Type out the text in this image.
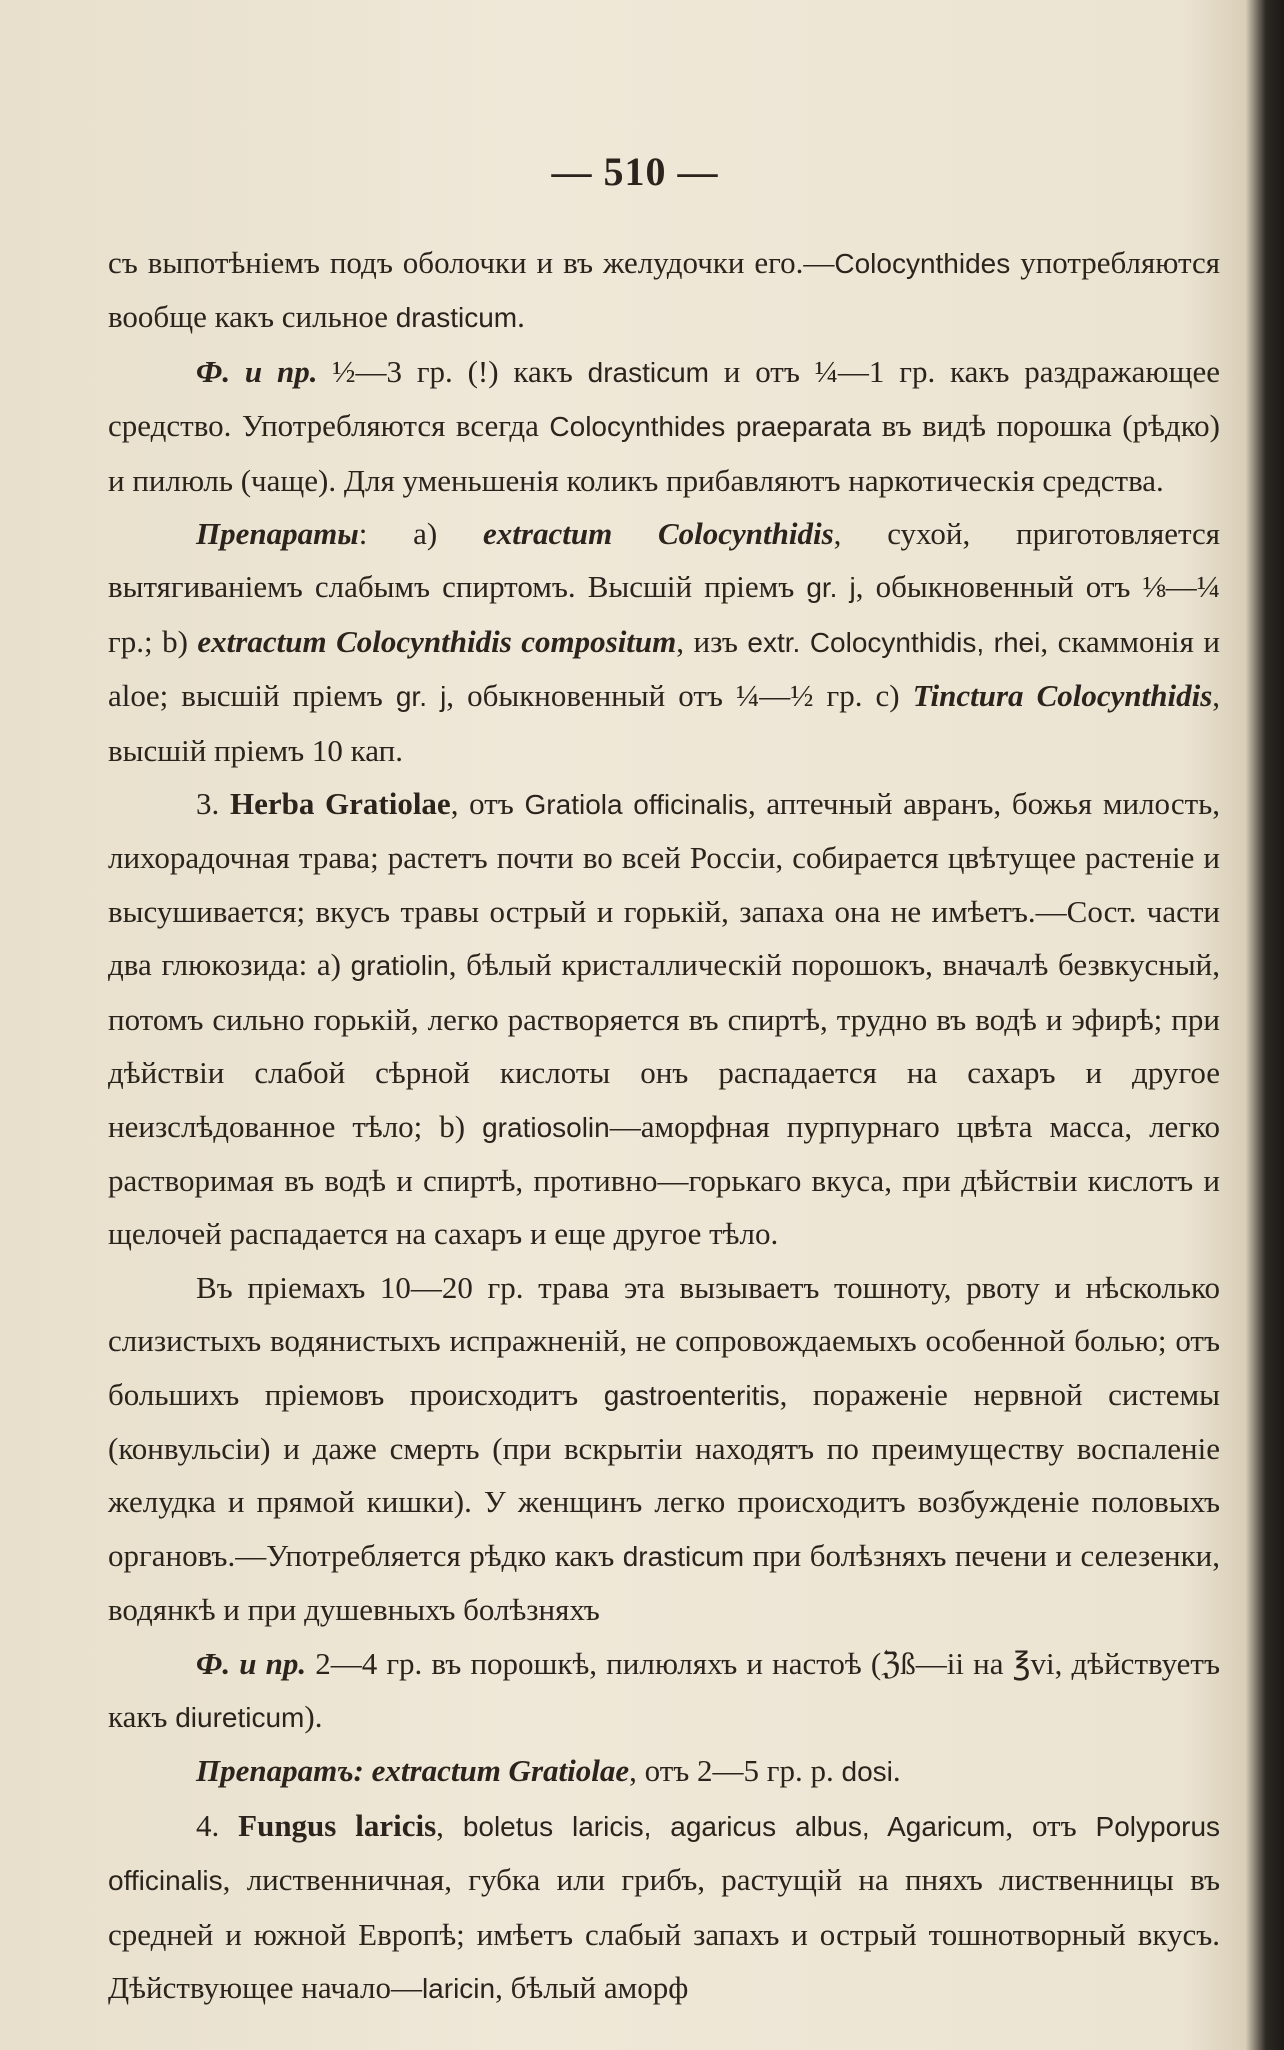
— 510 —

съ выпотѣніемъ подъ оболочки и въ желудочки его.—Colocynthides употребляются вообще какъ сильное drasticum.

Ф. и пр. ½—3 гр. (!) какъ drasticum и отъ ¼—1 гр. какъ раздражающее средство. Употребляются всегда Colocynthides praeparata въ видѣ порошка (рѣдко) и пилюль (чаще). Для уменьшенія коликъ прибавляютъ наркотическія средства.

Препараты: a) extractum Colocynthidis, сухой, приготовляется вытягиваніемъ слабымъ спиртомъ. Высшій пріемъ gr. j, обыкновенный отъ ⅛—¼ гр.; b) extractum Colocynthidis compositum, изъ extr. Colocynthidis, rhei, скаммонія и aloe; высшій пріемъ gr. j, обыкновенный отъ ¼—½ гр. c) Tinctura Colocynthidis, высшій пріемъ 10 кап.

3. Herba Gratiolae, отъ Gratiola officinalis, аптечный авранъ, божья милость, лихорадочная трава; растетъ почти во всей Россіи, собирается цвѣтущее растеніе и высушивается; вкусъ травы острый и горькій, запаха она не имѣетъ.—Сост. части два глюкозида: a) gratiolin, бѣлый кристаллическій порошокъ, вначалѣ безвкусный, потомъ сильно горькій, легко растворяется въ спиртѣ, трудно въ водѣ и эфирѣ; при дѣйствіи слабой сѣрной кислоты онъ распадается на сахаръ и другое неизслѣдованное тѣло; b) gratiosolin—аморфная пурпурнаго цвѣта масса, легко растворимая въ водѣ и спиртѣ, противно—горькаго вкуса, при дѣйствіи кислотъ и щелочей распадается на сахаръ и еще другое тѣло.

Въ пріемахъ 10—20 гр. трава эта вызываетъ тошноту, рвоту и нѣсколько слизистыхъ водянистыхъ испражненій, не сопровождаемыхъ особенной болью; отъ большихъ пріемовъ происходитъ gastroenteritis, пораженіе нервной системы (конвульсіи) и даже смерть (при вскрытіи находятъ по преимуществу воспаленіе желудка и прямой кишки). У женщинъ легко происходитъ возбужденіе половыхъ органовъ.—Употребляется рѣдко какъ drasticum при болѣзняхъ печени и селезенки, водянкѣ и при душевныхъ болѣзняхъ

Ф. и пр. 2—4 гр. въ порошкѣ, пилюляхъ и настоѣ (ℨß—ii на ℥vi, дѣйствуетъ какъ diureticum).

Препаратъ: extractum Gratiolae, отъ 2—5 гр. p. dosi.

4. Fungus laricis, boletus laricis, agaricus albus, Agaricum, отъ Polyporus officinalis, лиственничная, губка или грибъ, растущій на пняхъ лиственницы въ средней и южной Европѣ; имѣетъ слабый запахъ и острый тошнотворный вкусъ. Дѣйствующее начало—laricin, бѣлый аморф
